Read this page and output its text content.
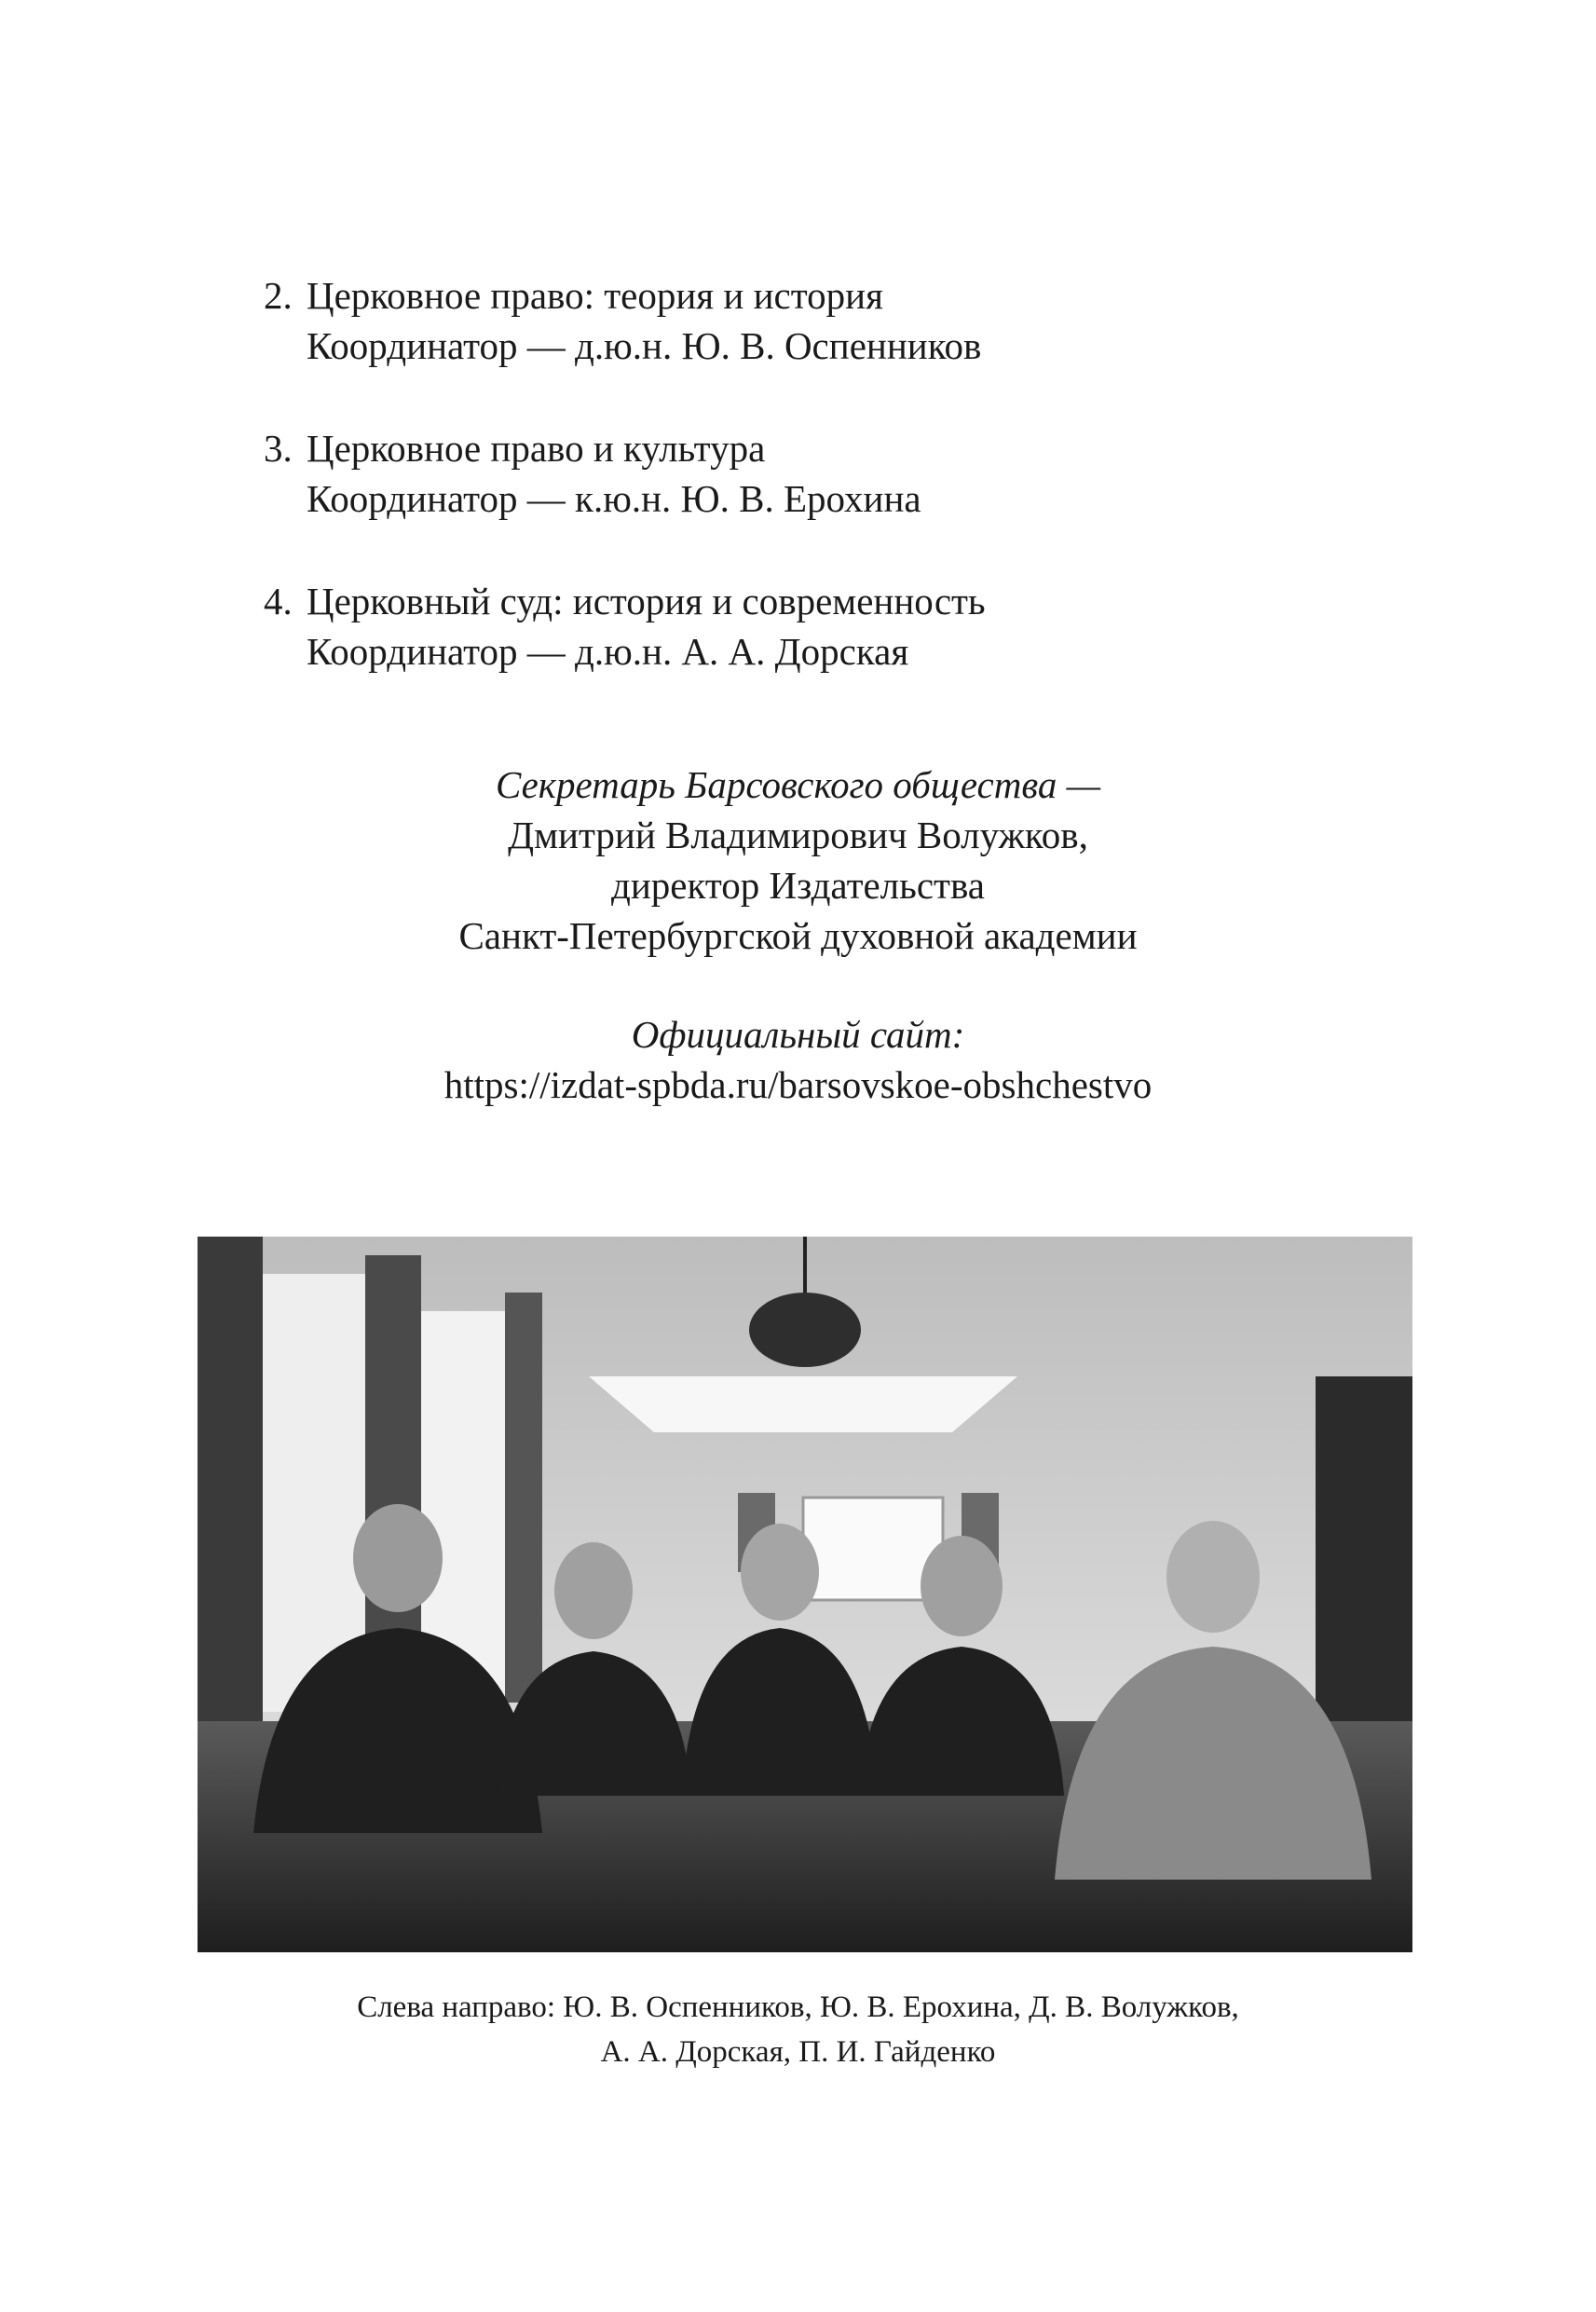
2. Церковное право: теория и история
Координатор — д.ю.н. Ю. В. Оспенников
3. Церковное право и культура
Координатор — к.ю.н. Ю. В. Ерохина
4. Церковный суд: история и современность
Координатор — д.ю.н. А. А. Дорская
Секретарь Барсовского общества —
Дмитрий Владимирович Волужков,
директор Издательства
Санкт-Петербургской духовной академии
Официальный сайт:
https://izdat-spbda.ru/barsovskoe-obshchestvo
Слева направо: Ю. В. Оспенников, Ю. В. Ерохина, Д. В. Волужков,
А. А. Дорская, П. И. Гайденко
